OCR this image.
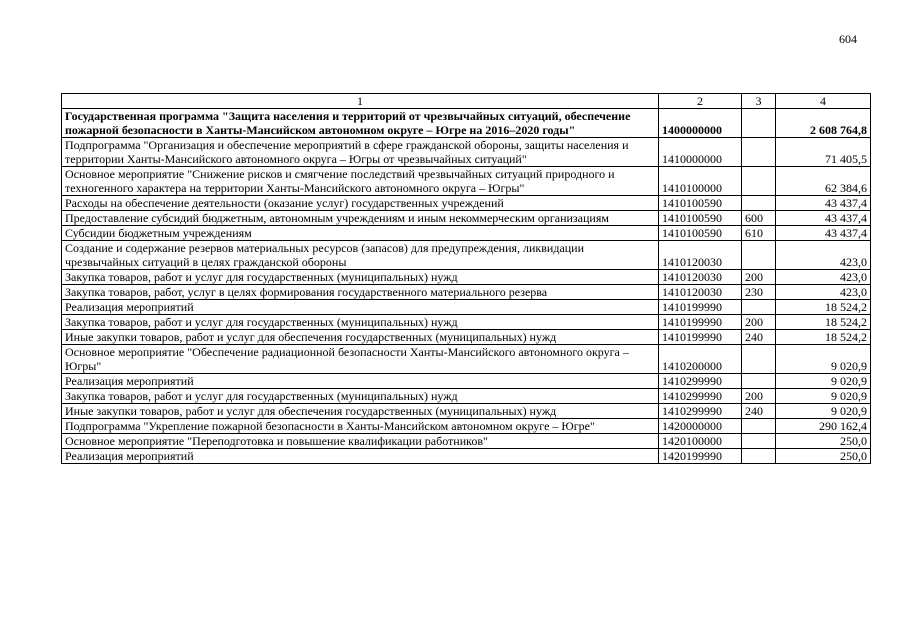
604
1	2	3	4
Государственная программа "Защита населения и территорий от чрезвычайных ситуаций, обеспечение пожарной безопасности в Ханты-Мансийском автономном округе – Югре на 2016–2020 годы"	1400000000		2 608 764,8
Подпрограмма "Организация и обеспечение мероприятий в сфере гражданской обороны, защиты населения и территории Ханты-Мансийского автономного округа – Югры от чрезвычайных ситуаций"	1410000000		71 405,5
Основное мероприятие "Снижение рисков и смягчение последствий чрезвычайных ситуаций природного и техногенного характера на территории Ханты-Мансийского автономного округа – Югры"	1410100000		62 384,6
Расходы на обеспечение деятельности (оказание услуг) государственных учреждений	1410100590		43 437,4
Предоставление субсидий бюджетным, автономным учреждениям и иным некоммерческим организациям	1410100590	600	43 437,4
Субсидии бюджетным учреждениям	1410100590	610	43 437,4
Создание и содержание резервов материальных ресурсов (запасов) для предупреждения, ликвидации чрезвычайных ситуаций в целях гражданской обороны	1410120030		423,0
Закупка товаров, работ и услуг для государственных (муниципальных) нужд	1410120030	200	423,0
Закупка товаров, работ, услуг в целях формирования государственного материального резерва	1410120030	230	423,0
Реализация мероприятий	1410199990		18 524,2
Закупка товаров, работ и услуг для государственных (муниципальных) нужд	1410199990	200	18 524,2
Иные закупки товаров, работ и услуг для обеспечения государственных (муниципальных) нужд	1410199990	240	18 524,2
Основное мероприятие "Обеспечение радиационной безопасности Ханты-Мансийского автономного округа – Югры"	1410200000		9 020,9
Реализация мероприятий	1410299990		9 020,9
Закупка товаров, работ и услуг для государственных (муниципальных) нужд	1410299990	200	9 020,9
Иные закупки товаров, работ и услуг для обеспечения государственных (муниципальных) нужд	1410299990	240	9 020,9
Подпрограмма "Укрепление пожарной безопасности в Ханты-Мансийском автономном округе – Югре"	1420000000		290 162,4
Основное мероприятие "Переподготовка и повышение квалификации работников"	1420100000		250,0
Реализация мероприятий	1420199990		250,0
